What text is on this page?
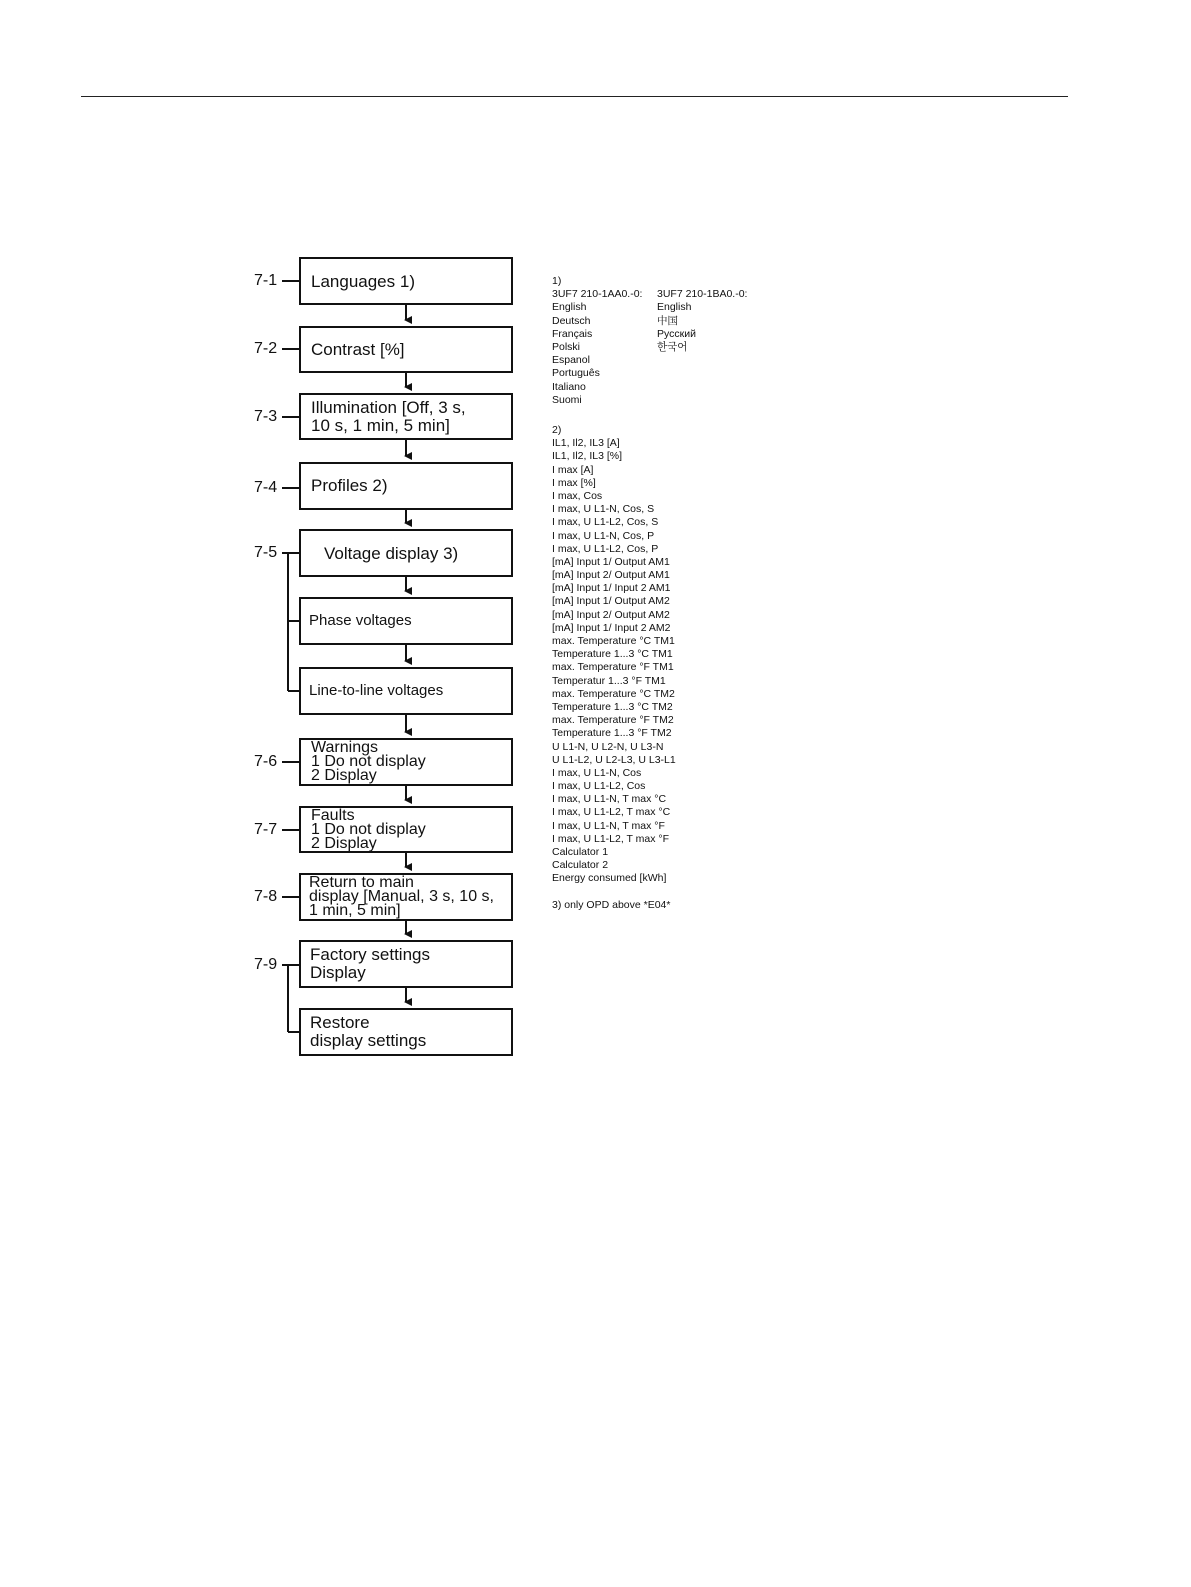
7-1
7-2
7-3
7-4
7-5
7-6
7-7
7-8
7-9
Languages 1)
Contrast [%]
Illumination [Off, 3 s,
10 s, 1 min, 5 min]
Profiles 2)
Voltage display 3)
Phase voltages
Line-to-line voltages
Warnings
1 Do not display
2 Display
Faults
1 Do not display
2 Display
Return to main
display [Manual, 3 s, 10 s,
1 min, 5 min]
Factory settings
Display
Restore
display settings
1)
3UF7 210-1AA0.-0:
English
Deutsch
Français
Polski
Espanol
Português
Italiano
Suomi
3UF7 210-1BA0.-0:
English
中国
Русский
한국어
2)
IL1, Il2, IL3 [A]
IL1, Il2, IL3 [%]
I max [A]
I max [%]
I max, Cos
I max, U L1-N, Cos, S
I max, U L1-L2, Cos, S
I max, U L1-N, Cos, P
I max, U L1-L2, Cos, P
[mA] Input 1/ Output AM1
[mA] Input 2/ Output AM1
[mA] Input 1/ Input 2 AM1
[mA] Input 1/ Output AM2
[mA] Input 2/ Output AM2
[mA] Input 1/ Input 2 AM2
max. Temperature °C TM1
Temperature 1...3 °C TM1
max. Temperature °F TM1
Temperatur 1...3 °F TM1
max. Temperature °C TM2
Temperature 1...3 °C TM2
max. Temperature °F TM2
Temperature 1...3 °F TM2
U L1-N, U L2-N, U L3-N
U L1-L2, U L2-L3, U L3-L1
I max, U L1-N, Cos
I max, U L1-L2, Cos
I max, U L1-N, T max °C
I max, U L1-L2, T max °C
I max, U L1-N, T max °F
I max, U L1-L2, T max °F
Calculator 1
Calculator 2
Energy consumed [kWh]
3) only OPD above *E04*
